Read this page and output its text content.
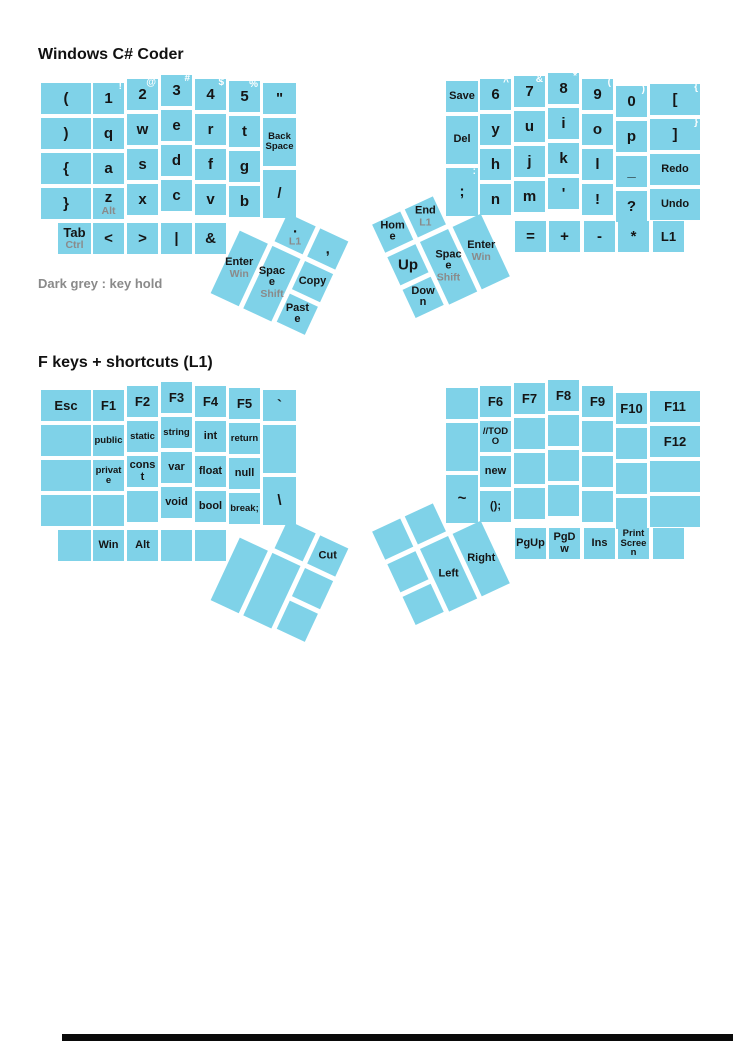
Windows C# Coder
Dark grey : key hold
F keys + shortcuts (L1)
(
)
{
}
1
!
q
a
z
Alt
2
@
w
s
x
3
#
e
d
c
4
$
r
f
v
5
%
t
g
b
"
Back Space
/
Tab
Ctrl < > | &
Save
Del
;
:
6
^
y
h
n
7
&
u
j
m
8
*
i
k
'
9
(
o
l
!
0
)
p
_
?
[
{
]
}
Redo
Undo
= + - * L1
.
L1 ,
Enter
Win Space
Shift
Copy
Paste
Home
End
L1
Up
Down
Space
Shift
Enter
Win
Esc F1
public
private
F2
static
const
F3
string
var
void
F4
int
float
bool
F5
return
null
break;
`
\
Win Alt
~
F6
//TODO
new
();
F7 F8 F9 F10 F11
F12
PgUp PgDw	Ins
Print Screen
Cut
Left
Right
